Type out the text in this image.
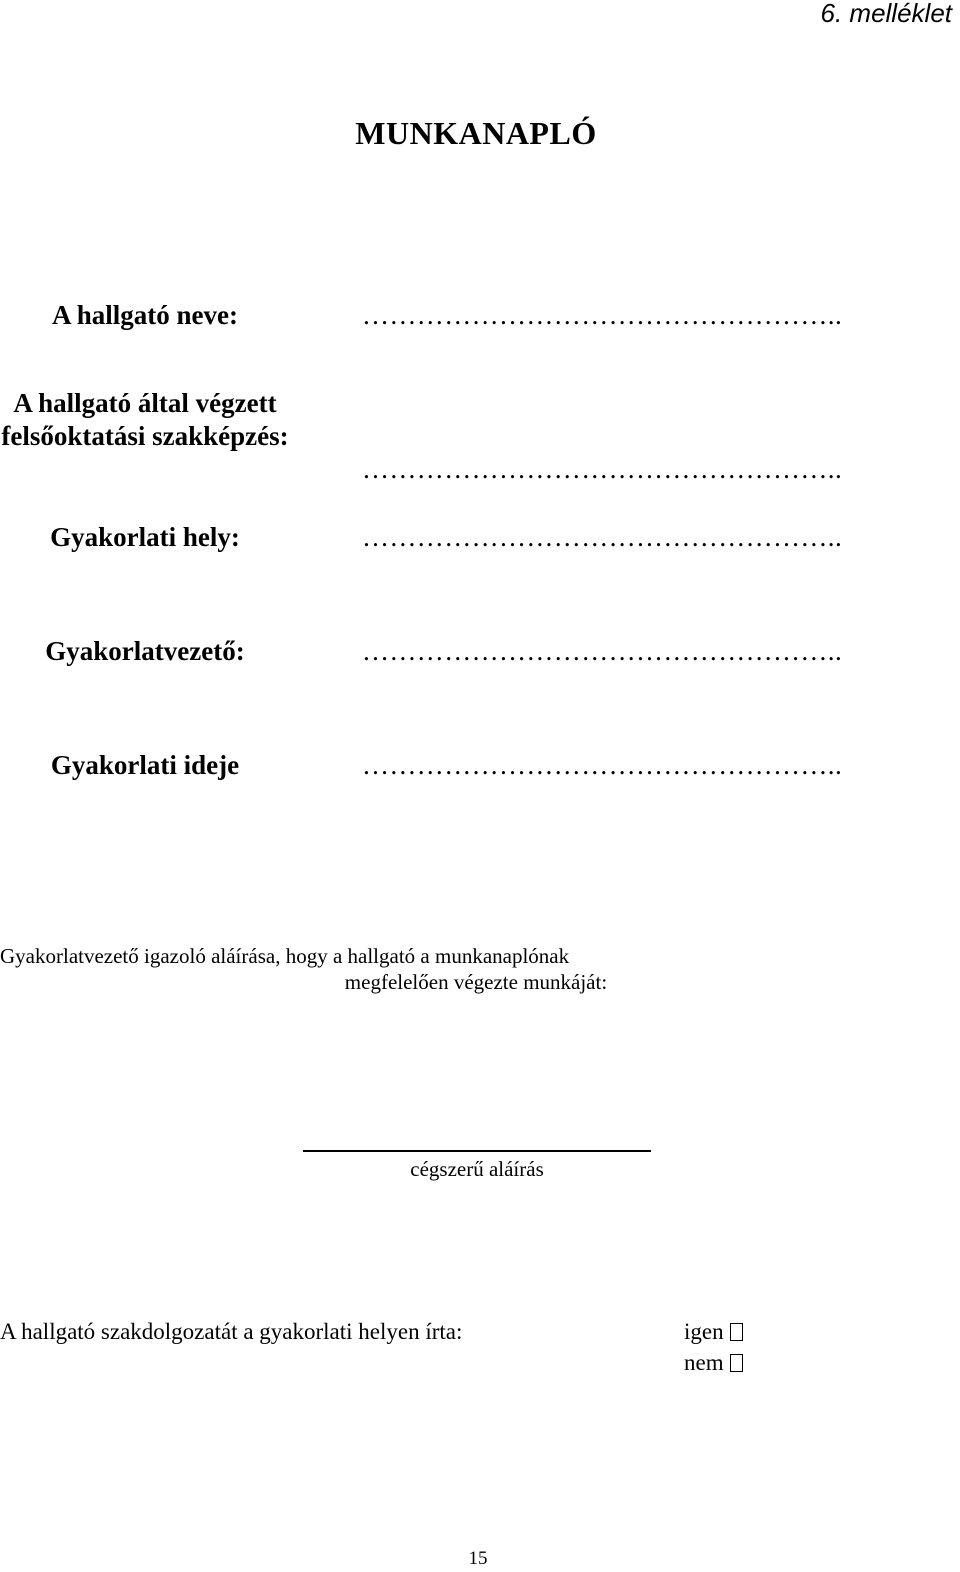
6. melléklet
MUNKANAPLÓ
A hallgató neve:	……………………………………………..
A hallgató által végzett felsőoktatási szakképzés:
……………………………………………..
Gyakorlati hely:	……………………………………………..
Gyakorlatvezető:	……………………………………………..
Gyakorlati ideje	……………………………………………..
Gyakorlatvezető igazoló aláírása, hogy a hallgató a munkanaplónak
megfelelően végezte munkáját:
cégszerű aláírás
A hallgató szakdolgozatát a gyakorlati helyen írta:	igen
nem
15
